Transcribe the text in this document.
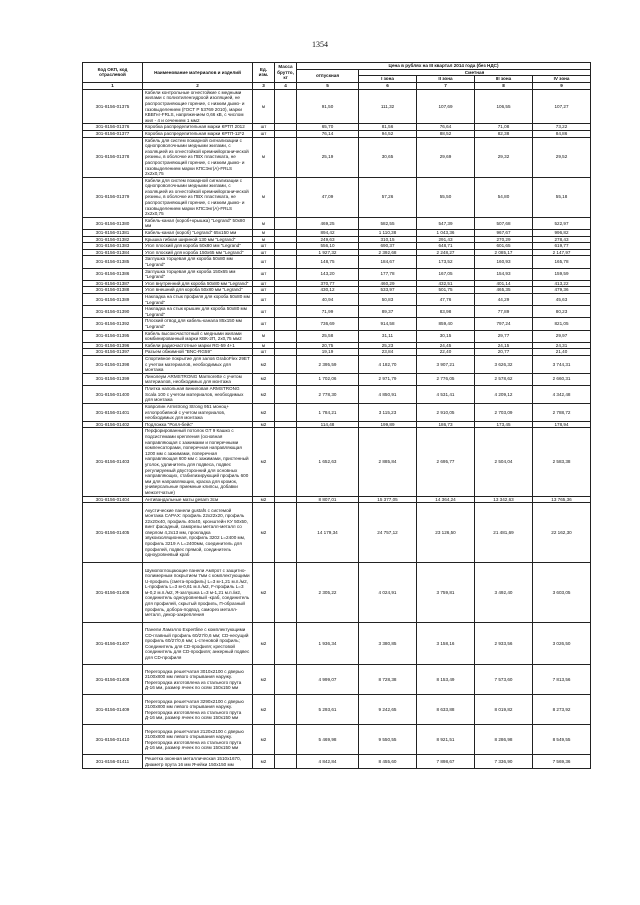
1354
Код ОКП, код отраслевой	Наименование материалов и изделий	Ед. изм.	Масса брутто, кг	Цена в рублях на III квартал 2014 года (без НДС)				
				отпускная	Сметная			
					I зона	II зона	III зона	IV зона
1	2	3	4	5	6	7	8	9
301-8156-01375	Кабели контрольные огнестойкие с медными жилами с полиэтиленгидроой изоляцией, не распространяющие горение, с низким дымо- и газовыделением (ГОСТ Р 53769 2010), марки КВВГнг-FRLS, напряжением 0,66 кВ, с числом жил - 4 и сечением 1 мм2	м		91,50	111,32	107,69	106,55	107,27
301-8156-01376	Коробка распределительная марки КРТП 2012	шт		65,70	81,56	76,64	71,08	73,22
301-8156-01377	Коробка распределительная марки КРТП-12*2	шт		76,14	94,52	88,52	82,38	84,86
301-8156-01378	Кабель для систем пожарной сигнализации с однопроволочными медными жилами, с изоляцией из огнестойкой кремнийорганической резины, в оболочке из ПВХ пластиката, не распространяющий горение, с низким дымо- и газовыделением марки КПСЭнг(А)-FRLS 2х2х0,75	м		25,19	30,65	29,69	29,32	29,52
301-8156-01379	Кабели для систем пожарной сигнализации с однопроволочными медными жилами, с изоляцией из огнестойкой кремнийорганической резины, в оболочке из ПВХ пластиката, не распространяющий горение, с низким дымо- и газовыделением марки КПСЭнг(А)-FRLS 2х2х0,75	м		47,09	57,26	55,50	54,80	55,18
301-8156-01380	Кабель-канал (короб+крышка) "Legrand" 50х80 мм	м		469,25	582,55	547,39	507,68	522,97
301-8156-01381	Кабель-канал (короб) "Legrand" 65х150 мм	м		894,42	1 110,38	1 043,36	967,67	996,82
301-8156-01382	Крышка гибкая шириной 130 мм "Legrand"	м		249,63	310,15	291,43	270,29	278,43
301-8156-01383	Угол плоский для короба 50х80 мм "Legrand"	шт		556,10	690,37	648,71	601,65	619,77
301-8156-01384	Угол плоский для короба 150х65 мм "Legrand"	шт		1 927,32	2 392,68	2 248,27	2 085,17	2 147,97
301-8156-01385	Заглушка торцевая для короба 50х80 мм "Legrand"	шт		148,75	184,67	173,52	160,93	165,78
301-8156-01386	Заглушка торцевая для короба 150х65 мм "Legrand"	шт		143,20	177,78	167,05	154,93	159,59
301-8156-01387	Угол внутренний для короба 50х80 мм "Legrand"	шт		370,77	460,29	432,51	401,14	413,22
301-8156-01388	Угол внешний для короба 50х80 мм "Legrand"	шт		430,12	533,97	501,75	465,35	479,36
301-8156-01389	Накладка на стык профиля для короба 50х80 мм "Legrand"	шт		40,94	50,83	47,76	44,29	45,63
301-8156-01390	Накладка на стык крышек для короба 50х80 мм "Legrand"	шт		71,99	89,37	83,98	77,89	80,23
301-8156-01392	Плоский отвод для кабель-канала 85х150 мм "Legrand"	шт		736,69	914,58	859,40	797,24	821,05
301-8156-01395	Кабель высокочастотный с медными жилами комбинированный марки КВК-2П, 2х0,75 мм2	м		25,58	31,11	30,15	29,77	29,97
301-8156-01396	Кабели радиочастотные марки RG-59 4+1	м		20,75	25,23	24,45	24,15	24,31
301-8156-01397	Разъем обжимной "BNC-RG59"	шт		19,19	23,84	22,40	20,77	21,40
301-8156-01398	Спортивное покрытие для залов GraboFlex 29ЕТ с учетом материалов, необходимых для монтажа	м2		2 395,59	4 182,70	3 907,21	3 626,32	3 744,31
301-8156-01399	Линолеум ARMSTRONG Marmorette с учетом материалов, необходимых для монтажа	м2		1 702,06	2 971,79	2 776,05	2 578,62	2 660,31
301-8156-01400	Плитка напольная виниловая ARMSTRONG Scala 100 с учетом материалов, необходимых для монтажа	м2		2 778,30	4 850,91	4 531,41	4 209,12	4 342,48
301-8156-01401	Ковролин Armstrong Strong 951 моноц+ иглопробивной с учетом материалов, необходимых для монтажа	м2		1 784,21	3 115,23	2 910,05	2 703,09	2 788,72
301-8156-01402	Подложка "Ролл-бейс"	м2		114,48	199,89	186,73	173,45	178,94
301-8156-01403	Перфорированный потолок GT 9 Кашко с подсистемами крепления (основная направляющая с зажимами и поперечными компенсаторами, поперечная направляющая 1200 мм с зажимами, поперечная направляющая 600 мм с зажимами, пристенный уголок, удлинитель для подвеса, подвес регулируемый двусторонний для основных направляющих, стабилизирующий профиль 600 мм для направляющих, краска для кромок, универсальные приемные клипсы, добавки межсетчатые)	м2		1 652,63	2 885,84	2 695,77	2 504,04	2 583,38
301-8156-01404	Антивандальные маты gesam 3см	м2		8 807,01	15 377,05	14 364,24	13 342,63	13 765,36
301-8156-01405	Акустические панели gustafs с системой монтажа САРАХ: профиль 22х22х20, профиль 22х20х40, профиль 40х40, кронштейн КУ 50х50, винт фасадный, саморезы металл-металл со сверлом 4,2х13 мм, прокладка звукоизоляционная, профиль 3202 L=2400 мм, профиль 3219 А L=2400мм, соединитель для профилей, подвес прямой, соединитель одноуровневый краб	м2		14 179,34	24 757,12	23 126,50	21 481,69	22 162,30
301-8156-01406	Шумопоглощающие панели Ампрот с защитно-полимерным покрытием 7мм с комплектующими U-профиль (смета-профиль) L=3 м-1,21 м.п./м2, L-профиль L=3 м-0,61 м.п./м2, F-профиль L=3 м-0,2 м.п./м2, Я-заглушка L=3 м-1,21 м.п./м2, соединитель одноуровневый -краб, соединитель для профилей, скрытый профиль, П-образный профиль, добора-подвод, саморез металл-металл, декор-закрепления	м2		2 305,22	4 024,91	3 759,81	3 492,40	3 603,05
301-8156-01407	Панели Ламэлло Expertline с комплектующими CD-главный профиль 60/27/0,6 мм; CD-несущий профиль 60/27/0,6 мм; L-стеновой профиль; Соединитель для CD-профиля; крестовой соединитель для CD-профиля; анкерный подвес для CD-профиля	м2		1 936,34	3 380,85	3 158,16	2 933,56	3 026,50
301-8156-01408	Перегородка решетчатая 3010х2100 с дверью 2100х800 мм левого открывания наружу. Перегородка изготовлена из стального прута Д-16 мм, размер ячеек по осям 150х150 мм	м2		4 999,07	8 728,38	8 153,49	7 573,60	7 813,56
301-8156-01409	Перегородка решетчатая 3290х2100 с дверью 2100х800 мм левого открывания наружу. Перегородка изготовлена из стального прута Д-16 мм, размер ячеек по осям 150х150 мм	м2		5 293,61	9 242,65	8 633,88	8 019,82	8 273,92
301-8156-01410	Перегородка решетчатая 2120х2100 с дверью 2100х800 мм левого открывания наружу. Перегородка изготовлена из стального прута Д-16 мм, размер ячеек по осям 150х150 мм	м2		5 469,98	9 550,55	8 921,51	8 286,98	8 549,55
301-8156-01411	Решетка оконная металлическая 1510х1670, Диаметр прута 16 мм Ячейки 150х150 мм	м2		4 842,84	8 455,60	7 898,67	7 336,90	7 569,36
